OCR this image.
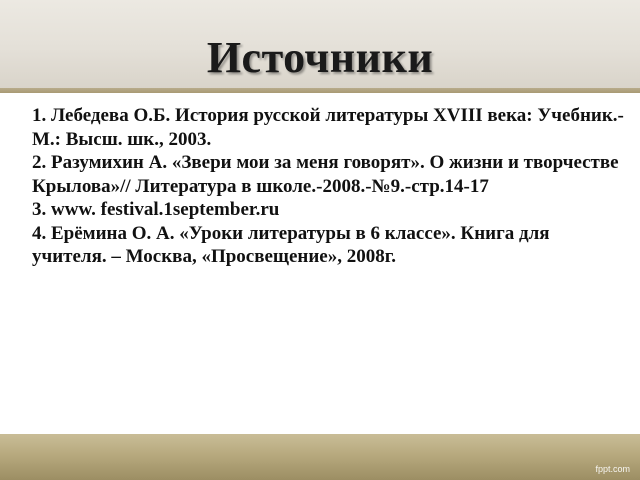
Источники
1. Лебедева О.Б. История русской литературы XVIII века: Учебник.- М.: Высш. шк., 2003.
2. Разумихин А. «Звери мои за меня говорят». О жизни и творчестве Крылова»// Литература в школе.-2008.-№9.-стр.14-17
3. www. festival.1september.ru
4. Ерёмина О. А. «Уроки литературы в 6 классе». Книга для учителя. – Москва, «Просвещение», 2008г.
fppt.com
